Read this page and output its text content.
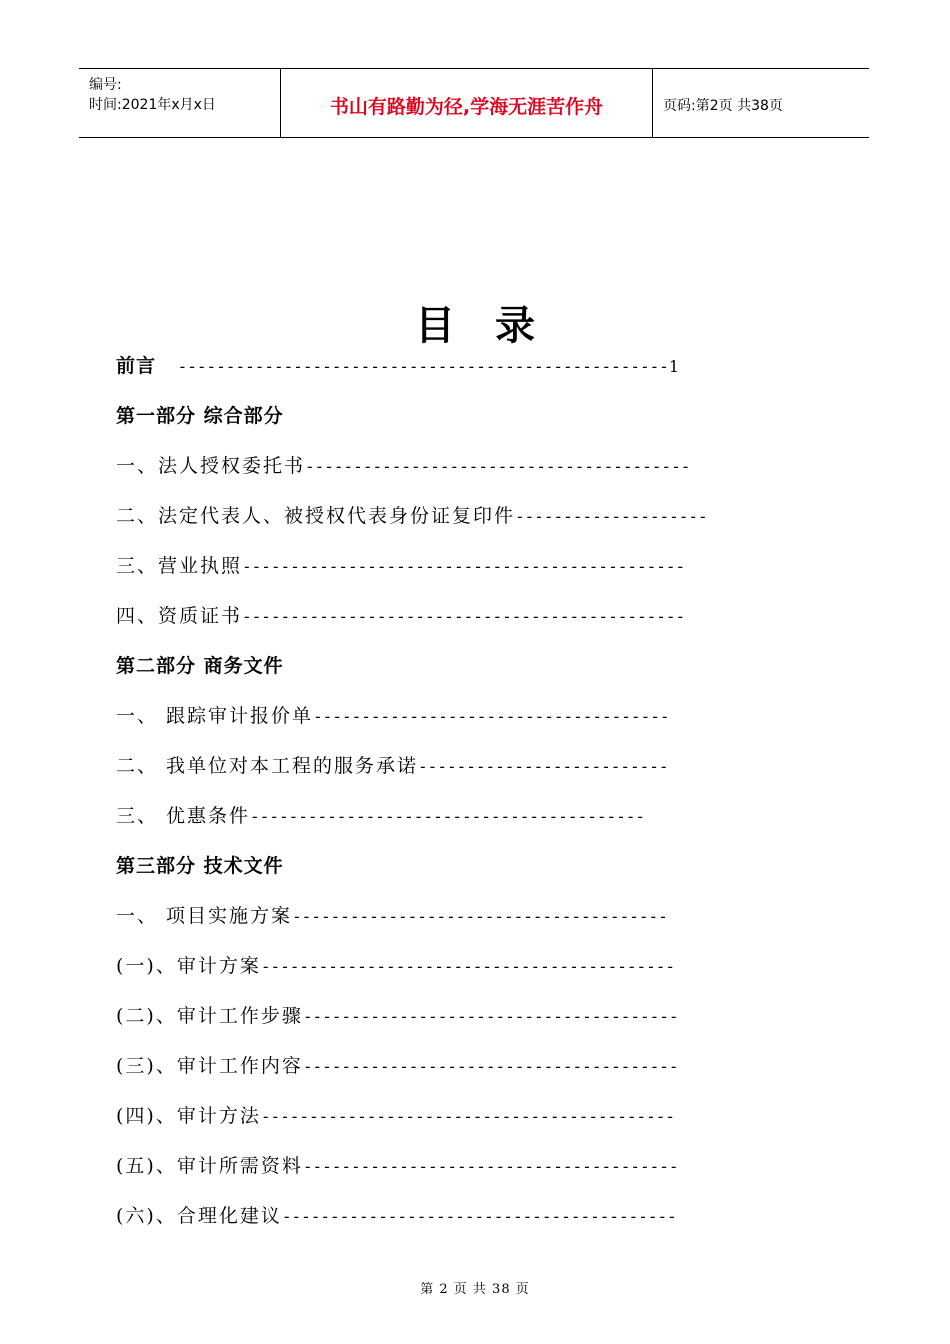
编号:
时间:2021年x月x日	书山有路勤为径,学海无涯苦作舟	页码:第2页 共38页
目录
前言 ---------------------------------------------------1
第一部分 综合部分
一、法人授权委托书----------------------------------------
二、法定代表人、被授权代表身份证复印件--------------------
三、营业执照----------------------------------------------
四、资质证书----------------------------------------------
第二部分 商务文件
一、 跟踪审计报价单-------------------------------------
二、 我单位对本工程的服务承诺--------------------------
三、 优惠条件-----------------------------------------
第三部分 技术文件
一、 项目实施方案---------------------------------------
(一)、审计方案-------------------------------------------
(二)、审计工作步骤---------------------------------------
(三)、审计工作内容---------------------------------------
(四)、审计方法-------------------------------------------
(五)、审计所需资料---------------------------------------
(六)、合理化建议-----------------------------------------
第 2 页 共 38 页
